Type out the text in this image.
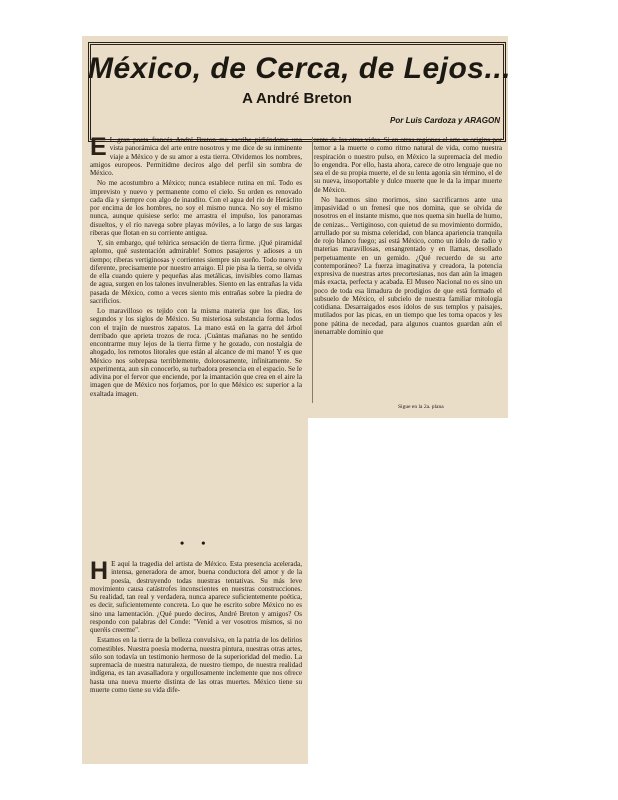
México, de Cerca, de Lejos...
A André Breton
Por Luis Cardoza y ARAGON

E L gran poeta francés André Breton me escribe pidiéndome una vista panorámica del arte entre nosotros y me dice de su inminente viaje a México y de su amor a esta tierra. Olvidemos los nombres, amigos europeos. Permitidme deciros algo del perfil sin sombra de México.

No me acostumbro a México; nunca establece rutina en mí. Todo es imprevisto y nuevo y permanente como el cielo. Su orden es renovado cada día y siempre con algo de inaudito. Con el agua del río de Heráclito por encima de los hombres, no soy el mismo nunca. No soy el mismo nunca, aunque quisiese serlo: me arrastra el impulso, los panoramas disueltos, y el río navega sobre playas móviles, a lo largo de sus largas riberas que flotan en su corriente antigua.

Y, sin embargo, qué telúrica sensación de tierra firme. ¡Qué piramidal aplomo, qué sustentación admirable! Somos pasajeros y adioses a un tiempo; riberas vertiginosas y corrientes siempre sin sueño. Todo nuevo y diferente, precisamente por nuestro arraigo. El pie pisa la tierra, se olvida de ella cuando quiere y pequeñas alas metálicas, invisibles como llamas de agua, surgen en los talones invulnerables. Siento en las entrañas la vida pasada de México, como a veces siento mis entrañas sobre la piedra de sacrificios.

Lo maravilloso es tejido con la misma materia que los días, los segundos y los siglos de México. Su misteriosa substancia forma lodos con el trajín de nuestros zapatos. La mano está en la garra del árbol derribado que aprieta trozos de roca. ¡Cuántas mañanas no he sentido encontrarme muy lejos de la tierra firme y he gozado, con nostalgia de ahogado, los remotos litorales que están al alcance de mi mano! Y es que México nos sobrepasa terriblemente, dolorosamente, infinitamente. Se experimenta, aun sin conocerlo, su turbadora presencia en el espacio. Se le adivina por el fervor que enciende, por la imantación que crea en el aire la imagen que de México nos forjamos, por lo que México es: superior a la exaltada imagen.

• •

H E aquí la tragedia del artista de México. Esta presencia acelerada, intensa, generadora de amor, buena conductora del amor y de la poesía, destruyendo todas nuestras tentativas. Su más leve movimiento causa catástrofes inconscientes en nuestras construcciones. Su realidad, tan real y verdadera, nunca aparece suficientemente poética, es decir, suficientemente concreta. Lo que he escrito sobre México no es sino una lamentación. ¿Qué puedo deciros, André Breton y amigos? Os respondo con palabras del Conde: "Venid a ver vosotros mismos, si no queréis creerme".

Estamos en la tierra de la belleza convulsiva, en la patria de los delirios comestibles. Nuestra poesía moderna, nuestra pintura, nuestras otras artes, sólo son todavía un testimonio hermoso de la superioridad del medio. La supremacía de nuestra naturaleza, de nuestro tiempo, de nuestra realidad indígena, es tan avasalladora y orgullosamente inclemente que nos ofrece hasta una nueva muerte distinta de las otras muertes. México tiene su muerte como tiene su vida dife-

rente de las otras vidas. Si en otras regiones el arte se origina por temor a la muerte o como ritmo natural de vida, como nuestra respiración o nuestro pulso, en México la supremacía del medio lo engendra. Por ello, hasta ahora, carece de otro lenguaje que no sea el de su propia muerte, el de su lenta agonía sin término, el de su nueva, insoportable y dulce muerte que le da la impar muerte de México.

No hacemos sino morirnos, sino sacrificarnos ante una impasividad o un frenesí que nos domina, que se olvida de nosotros en el instante mismo, que nos quema sin huella de humo, de cenizas... Vertiginoso, con quietud de su movimiento dormido, arrullado por su misma celeridad, con blanca apariencia tranquila de rojo blanco fuego; así está México, como un ídolo de radio y materias maravillosas, ensangrentado y en llamas, desollado perpetuamente en un gemido. ¿Qué recuerdo de su arte contemporáneo? La fuerza imaginativa y creadora, la potencia expresiva de nuestras artes precortesianas, nos dan aún la imagen más exacta, perfecta y acabada. El Museo Nacional no es sino un poco de toda esa limadura de prodigios de que está formado el subsuelo de México, el subcielo de nuestra familiar mitología cotidiana. Desarraigados esos ídolos de sus templos y paisajes, mutilados por las picas, en un tiempo que les torna opacos y les pone pátina de necedad, para algunos cuantos guardan aún el inenarrable dominio que

Sigue en la 2a. plana
